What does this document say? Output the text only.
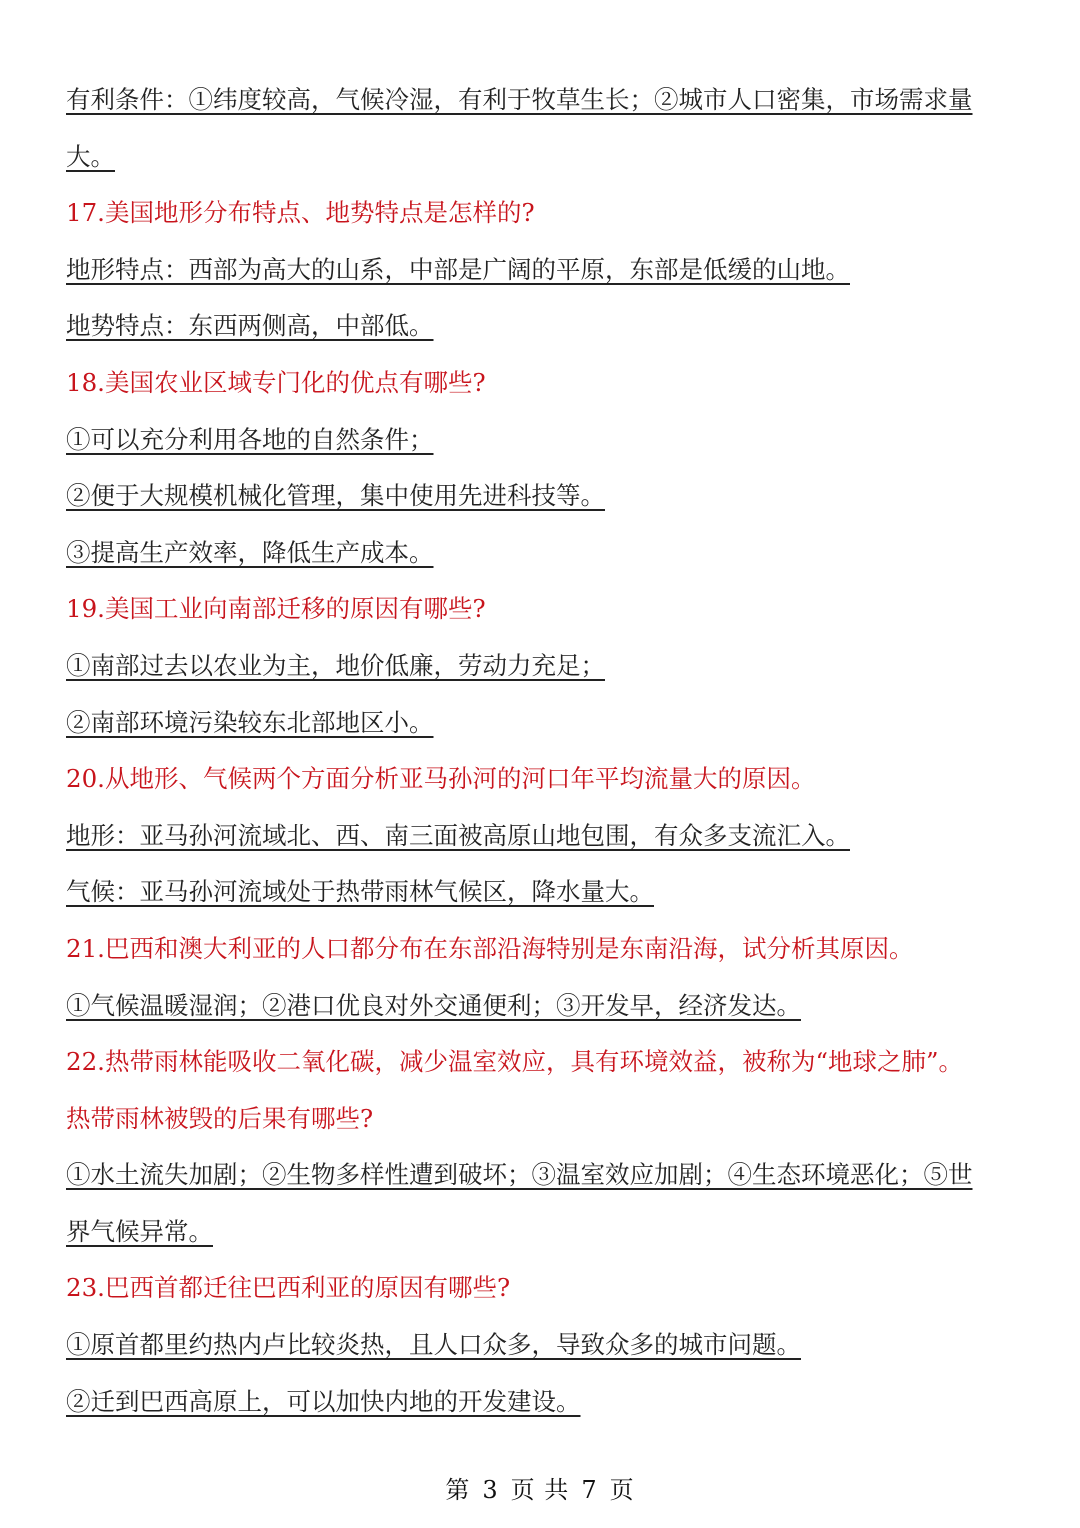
有利条件：①纬度较高，气候冷湿，有利于牧草生长；②城市人口密集，市场需求量
大。
17.美国地形分布特点、地势特点是怎样的?
地形特点：西部为高大的山系，中部是广阔的平原，东部是低缓的山地。
地势特点：东西两侧高，中部低。
18.美国农业区域专门化的优点有哪些?
①可以充分利用各地的自然条件；
②便于大规模机械化管理，集中使用先进科技等。
③提高生产效率，降低生产成本。
19.美国工业向南部迁移的原因有哪些?
①南部过去以农业为主，地价低廉，劳动力充足；
②南部环境污染较东北部地区小。
20.从地形、气候两个方面分析亚马孙河的河口年平均流量大的原因。
地形：亚马孙河流域北、西、南三面被高原山地包围，有众多支流汇入。
气候：亚马孙河流域处于热带雨林气候区，降水量大。
21.巴西和澳大利亚的人口都分布在东部沿海特别是东南沿海，试分析其原因。
①气候温暖湿润；②港口优良对外交通便利；③开发早，经济发达。
22.热带雨林能吸收二氧化碳，减少温室效应，具有环境效益，被称为“地球之肺”。
热带雨林被毁的后果有哪些?
①水土流失加剧；②生物多样性遭到破坏；③温室效应加剧；④生态环境恶化；⑤世
界气候异常。
23.巴西首都迁往巴西利亚的原因有哪些?
①原首都里约热内卢比较炎热，且人口众多，导致众多的城市问题。
②迁到巴西高原上，可以加快内地的开发建设。
第 3 页 共 7 页
